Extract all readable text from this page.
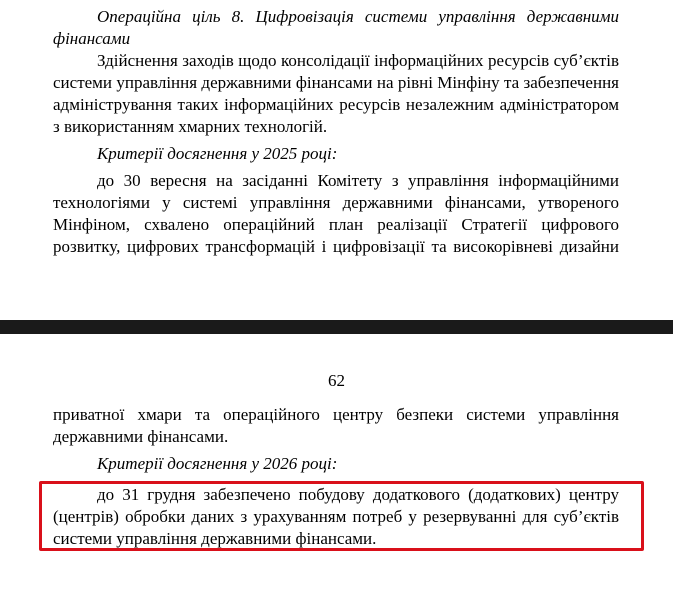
Операційна ціль 8. Цифровізація системи управління державними фінансами

Здійснення заходів щодо консолідації інформаційних ресурсів суб’єктів системи управління державними фінансами на рівні Мінфіну та забезпечення адміністрування таких інформаційних ресурсів незалежним адміністратором з використанням хмарних технологій.

Критерії досягнення у 2025 році:

до 30 вересня на засіданні Комітету з управління інформаційними технологіями у системі управління державними фінансами, утвореного Мінфіном, схвалено операційний план реалізації Стратегії цифрового розвитку, цифрових трансформацій і цифровізації та високорівневі дизайни

62

приватної хмари та операційного центру безпеки системи управління державними фінансами.

Критерії досягнення у 2026 році:

до 31 грудня забезпечено побудову додаткового (додаткових) центру (центрів) обробки даних з урахуванням потреб у резервуванні для суб’єктів системи управління державними фінансами.
